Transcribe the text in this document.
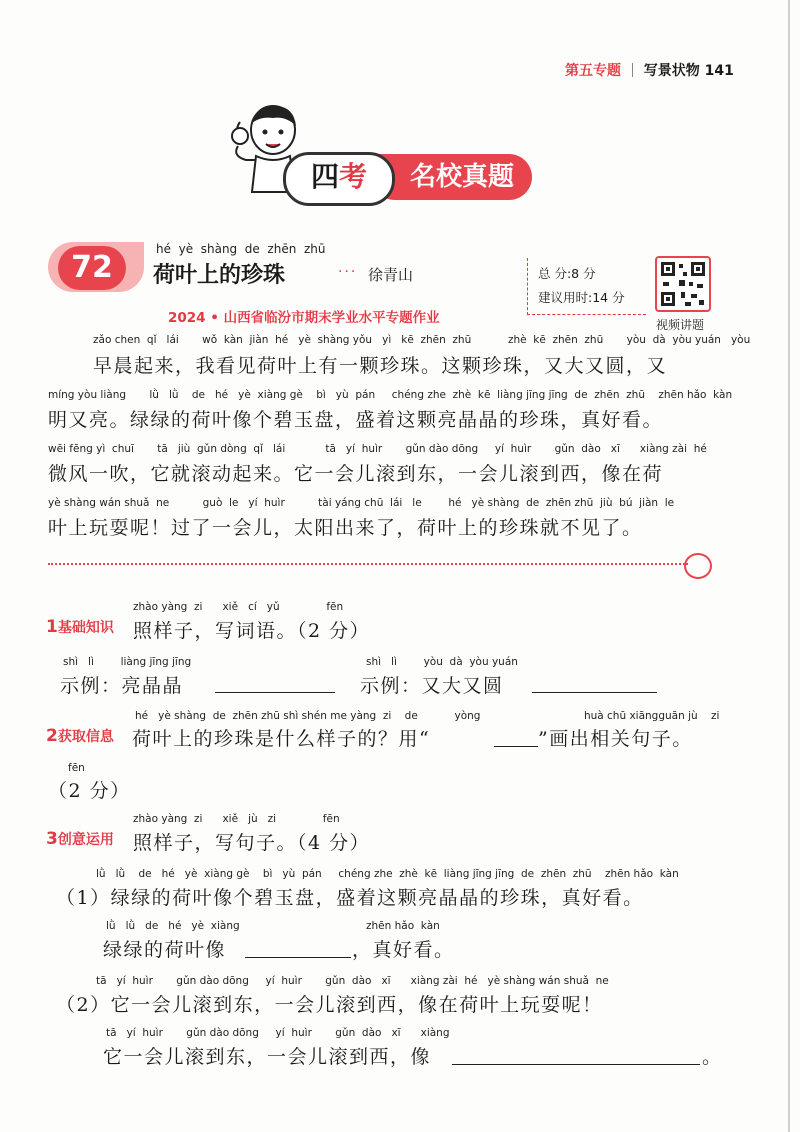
第五专题 写景状物 141
名校真题
四考
72
hé  yè  shàng  de  zhēn  zhū
荷叶上的珍珠	··· 徐青山	总 分:8 分
建议用时:14 分
视频讲题
2024 • 山西省临汾市期末学业水平专题作业
zǎo chen  qǐ   lái       wǒ  kàn  jiàn  hé   yè  shàng yǒu   yì   kē  zhēn  zhū           zhè  kē  zhēn  zhū       yòu  dà  yòu yuán   yòu
早晨起来，我看见荷叶上有一颗珍珠。这颗珍珠，又大又圆，又
míng yòu liàng       lǜ   lǜ    de   hé   yè  xiàng gè    bì   yù  pán     chéng zhe  zhè  kē  liàng jīng jīng  de  zhēn  zhū    zhēn hǎo  kàn
明又亮。绿绿的荷叶像个碧玉盘，盛着这颗亮晶晶的珍珠，真好看。
wēi fēng yì  chuī       tā   jiù  gǔn dòng  qǐ   lái            tā   yí  huìr       gǔn dào dōng     yí  huìr       gǔn  dào   xī      xiàng zài  hé
微风一吹，它就滚动起来。它一会儿滚到东，一会儿滚到西，像在荷
yè shàng wán shuǎ  ne          guò  le   yí  huìr          tài yáng chū  lái   le        hé   yè shàng  de  zhēn zhū  jiù  bú  jiàn  le
叶上玩耍呢！过了一会儿，太阳出来了，荷叶上的珍珠就不见了。
zhào yàng  zi      xiě   cí   yǔ              fēn
1基础知识 照样子，写词语。（2 分）
shì   lì        liàng jīng jīng
示例：亮晶晶
shì   lì        yòu  dà  yòu yuán
示例：又大又圆
hé   yè shàng  de  zhēn zhū shì shén me yàng  zi    de           yòng                               huà chū xiāngguān jù    zi
2获取信息 荷叶上的珍珠是什么样子的？用“	”画出相关句子。
fēn
（2 分）
zhào yàng  zi      xiě   jù   zi              fēn
3创意运用 照样子，写句子。（4 分）
lǜ   lǜ    de   hé   yè  xiàng gè    bì   yù  pán     chéng zhe  zhè  kē  liàng jīng jīng  de  zhēn  zhū    zhēn hǎo  kàn
（1）绿绿的荷叶像个碧玉盘，盛着这颗亮晶晶的珍珠，真好看。
lǜ   lǜ   de   hé   yè  xiàng	zhēn hǎo  kàn
绿绿的荷叶像	，真好看。
tā   yí  huìr       gǔn dào dōng     yí  huìr       gǔn  dào   xī      xiàng zài  hé   yè shàng wán shuǎ  ne
（2）它一会儿滚到东，一会儿滚到西，像在荷叶上玩耍呢！
tā   yí  huìr       gǔn dào dōng     yí  huìr       gǔn  dào   xī      xiàng
它一会儿滚到东，一会儿滚到西，像	。
